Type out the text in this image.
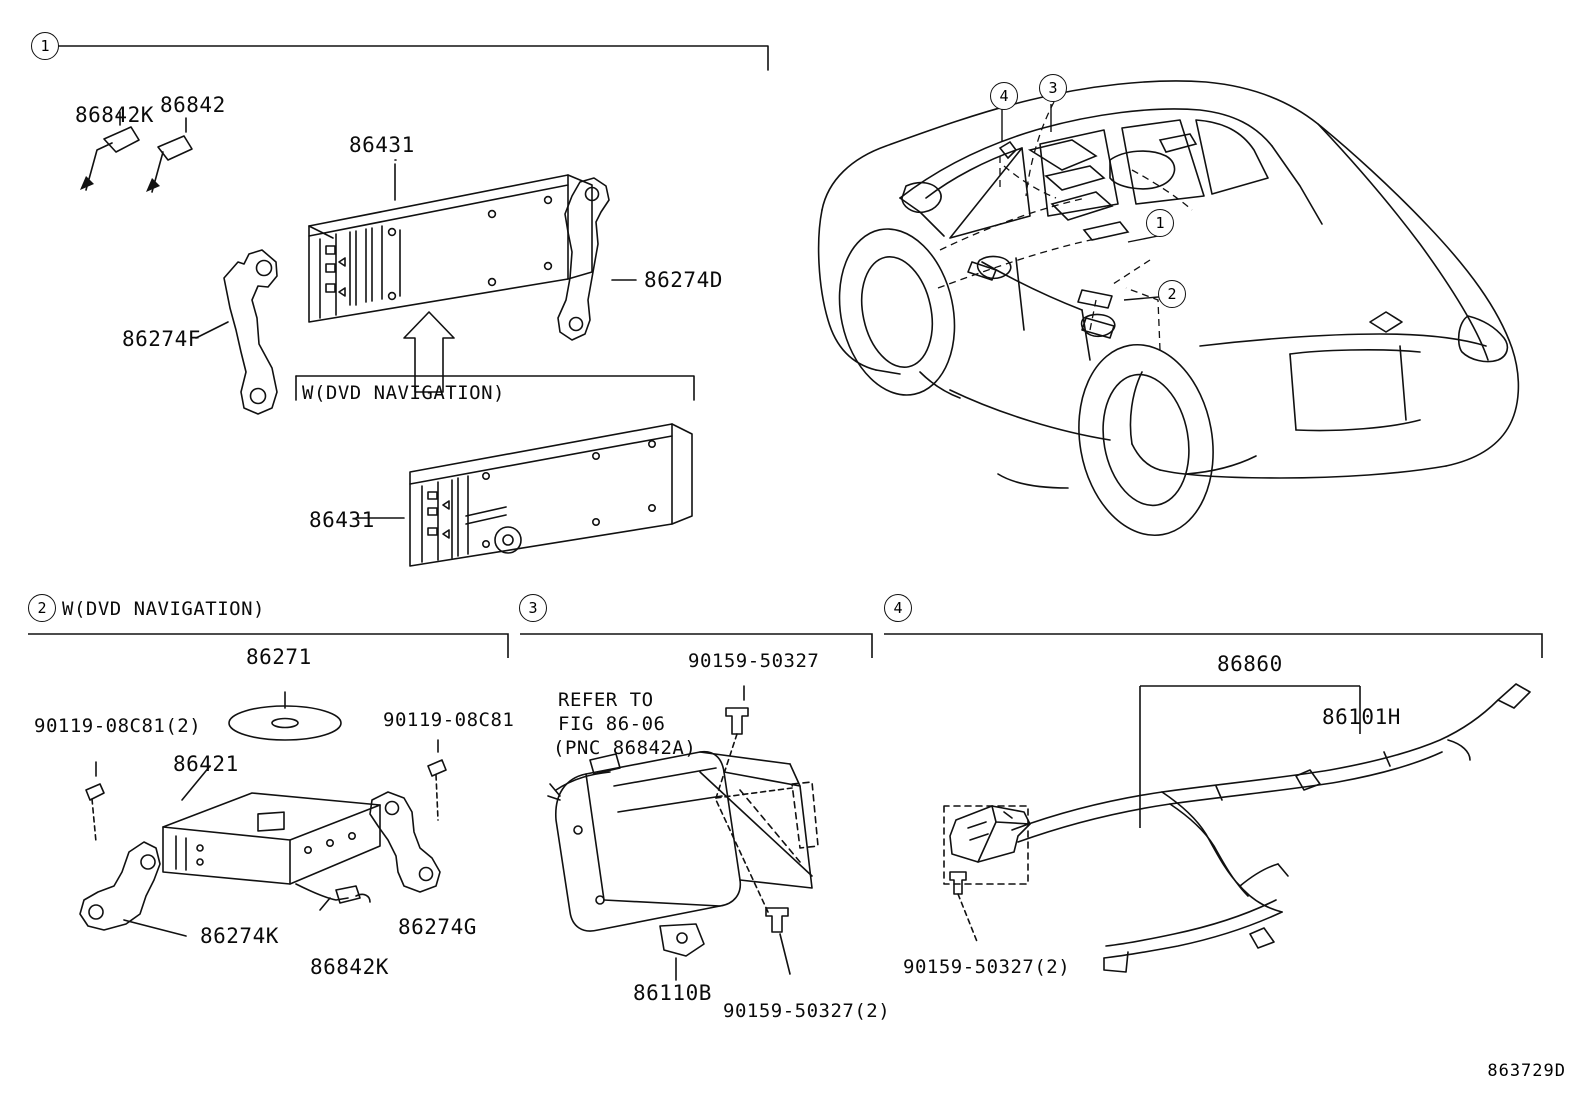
1
2	3	4
4	3
1
2
86842K 86842
86431
86274D
86274F
W(DVD NAVIGATION)
86431
W(DVD NAVIGATION)
86271
90119-08C81(2)	90119-08C81
86421
86274K
86842K
86274G
90159-50327
REFER TO
FIG 86-06
(PNC 86842A)
86110B
90159-50327(2)
86860
86101H
90159-50327(2)
863729D
